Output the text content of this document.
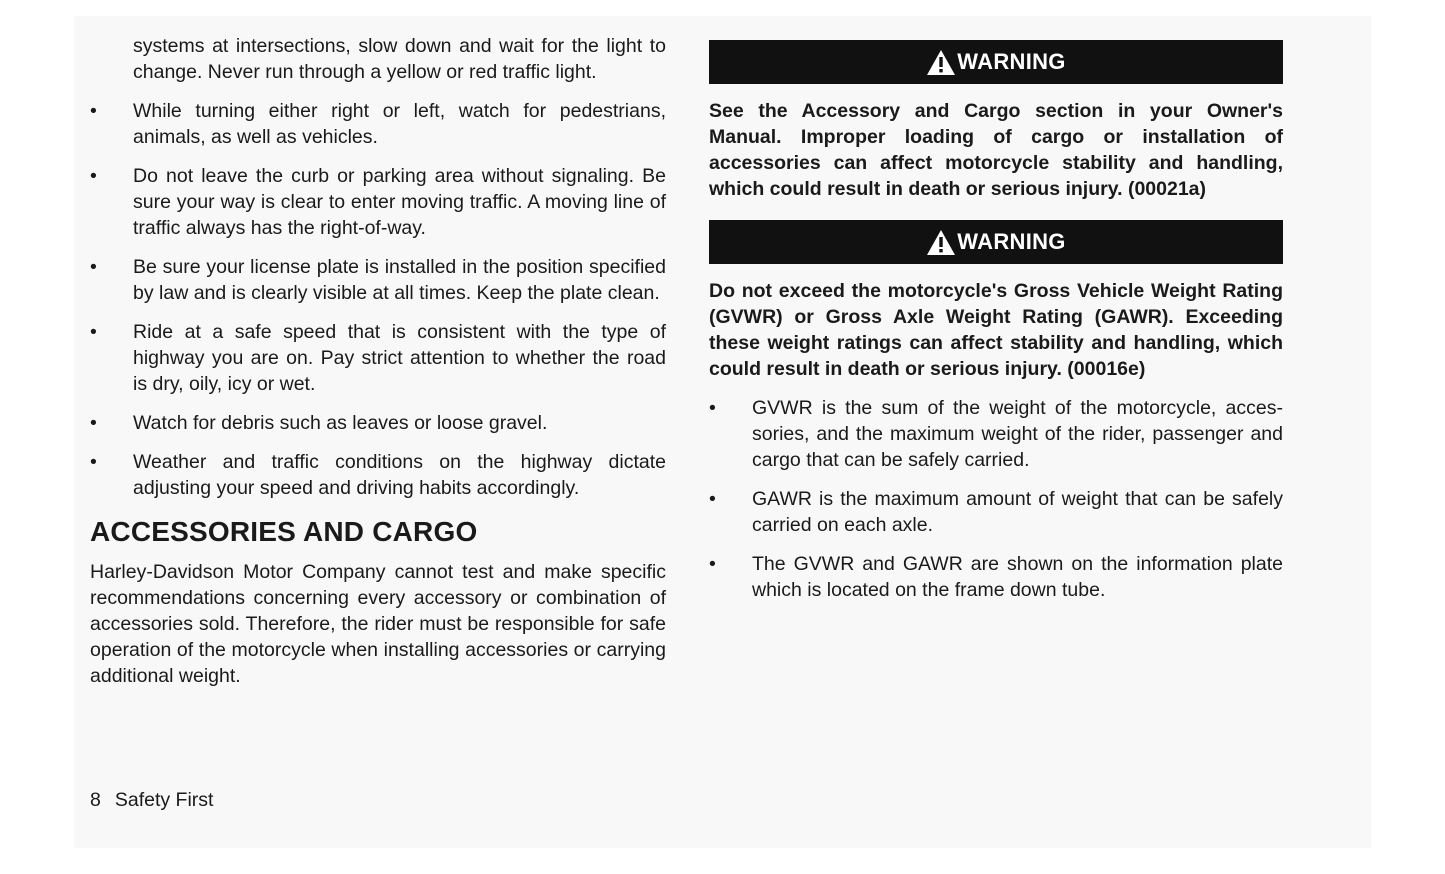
systems at intersections, slow down and wait for the light to change. Never run through a yellow or red traffic light.

• While turning either right or left, watch for pedestrians, animals, as well as vehicles.
• Do not leave the curb or parking area without signaling. Be sure your way is clear to enter moving traffic. A moving line of traffic always has the right-of-way.
• Be sure your license plate is installed in the position specified by law and is clearly visible at all times. Keep the plate clean.
• Ride at a safe speed that is consistent with the type of highway you are on. Pay strict attention to whether the road is dry, oily, icy or wet.
• Watch for debris such as leaves or loose gravel.
• Weather and traffic conditions on the highway dictate adjusting your speed and driving habits accordingly.
ACCESSORIES AND CARGO

Harley-Davidson Motor Company cannot test and make specific recommendations concerning every accessory or combination of accessories sold. Therefore, the rider must be responsible for safe operation of the motorcycle when installing accessories or carrying additional weight.

WARNING

See the Accessory and Cargo section in your Owner's Manual. Improper loading of cargo or installation of accessories can affect motorcycle stability and handling, which could result in death or serious injury. (00021a)

WARNING

Do not exceed the motorcycle's Gross Vehicle Weight Rating (GVWR) or Gross Axle Weight Rating (GAWR). Exceeding these weight ratings can affect stability and handling, which could result in death or serious injury. (00016e)

• GVWR is the sum of the weight of the motorcycle, accessories, and the maximum weight of the rider, passenger and cargo that can be safely carried.
• GAWR is the maximum amount of weight that can be safely carried on each axle.
• The GVWR and GAWR are shown on the information plate which is located on the frame down tube.
8 Safety First
